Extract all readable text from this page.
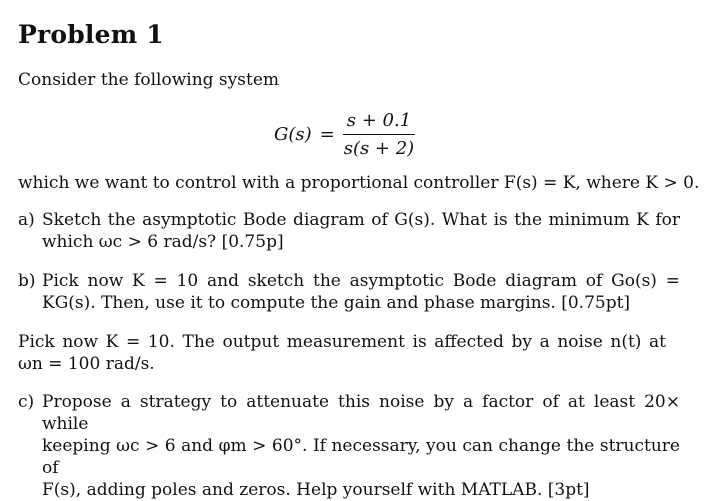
Problem 1
Consider the following system
$G(s) = \frac{s + 0.1}{s(s + 2)}$
which we want to control with a proportional controller F(s) = K, where K > 0.
a) Sketch the asymptotic Bode diagram of G(s). What is the minimum K for
which ωc > 6 rad/s? [0.75p]
b) Pick now K = 10 and sketch the asymptotic Bode diagram of Go(s) =
KG(s). Then, use it to compute the gain and phase margins. [0.75pt]
Pick now K = 10. The output measurement is affected by a noise n(t) at
ωn = 100 rad/s.
c) Propose a strategy to attenuate this noise by a factor of at least 20× while
keeping ωc > 6 and φm > 60°. If necessary, you can change the structure of
F(s), adding poles and zeros. Help yourself with MATLAB. [3pt]
